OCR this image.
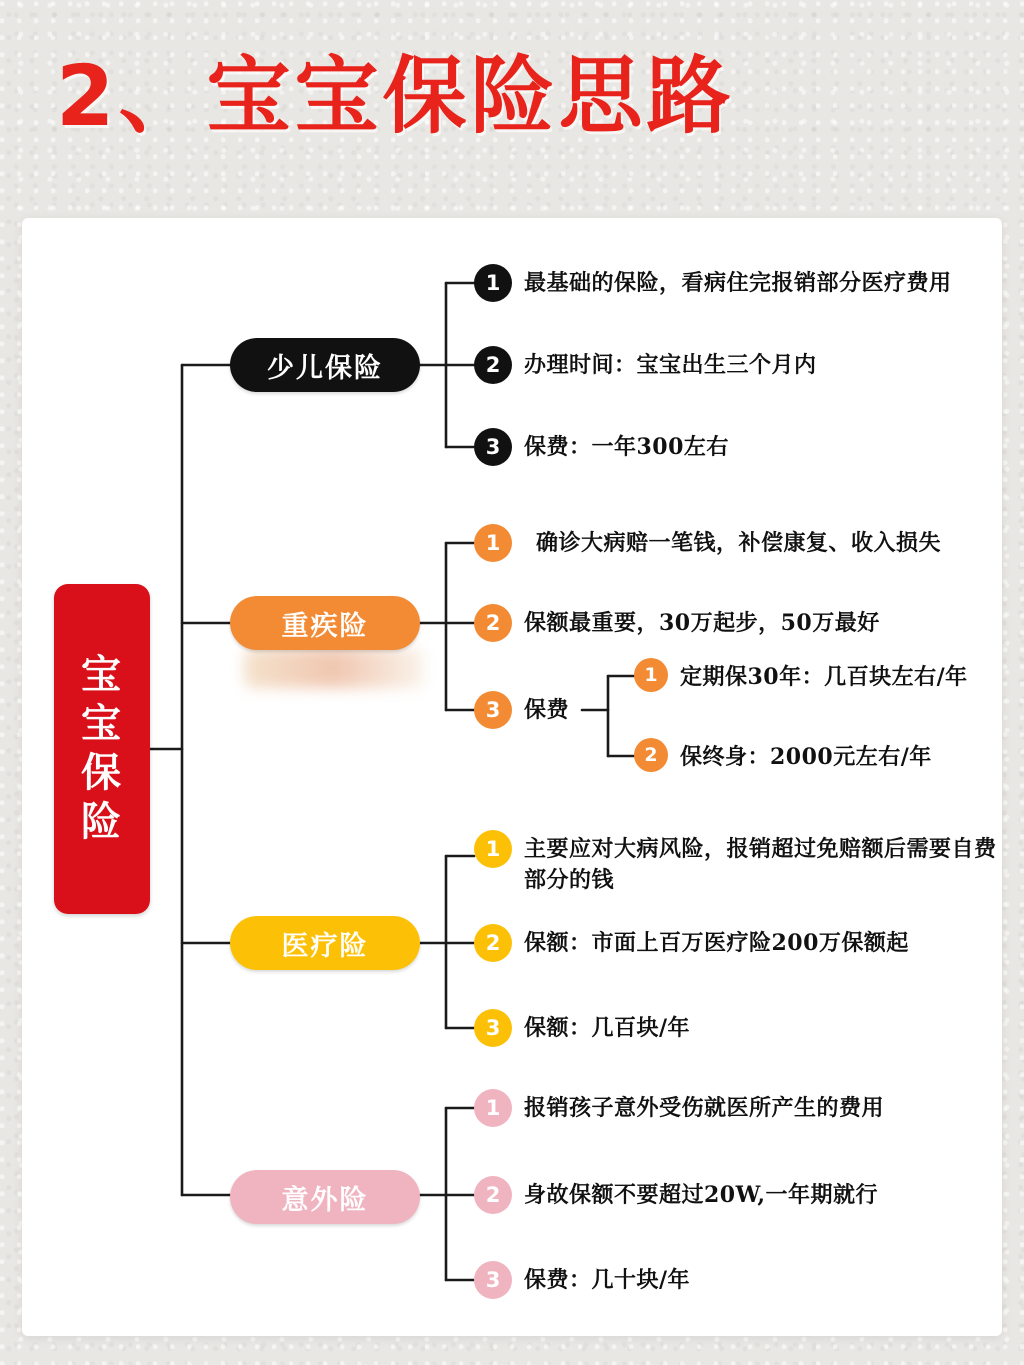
2、宝宝保险思路
宝宝保险
少儿保险
重疾险
医疗险
意外险
1	最基础的保险，看病住完报销部分医疗费用
2	办理时间：宝宝出生三个月内
3	保费：一年300左右
1	确诊大病赔一笔钱，补偿康复、收入损失
2	保额最重要，30万起步，50万最好
3	保费
1	定期保30年：几百块左右/年
2	保终身：2000元左右/年
1	主要应对大病风险，报销超过免赔额后需要自费部分的钱
2	保额：市面上百万医疗险200万保额起
3	保额：几百块/年
1	报销孩子意外受伤就医所产生的费用
2	身故保额不要超过20W,一年期就行
3	保费：几十块/年
